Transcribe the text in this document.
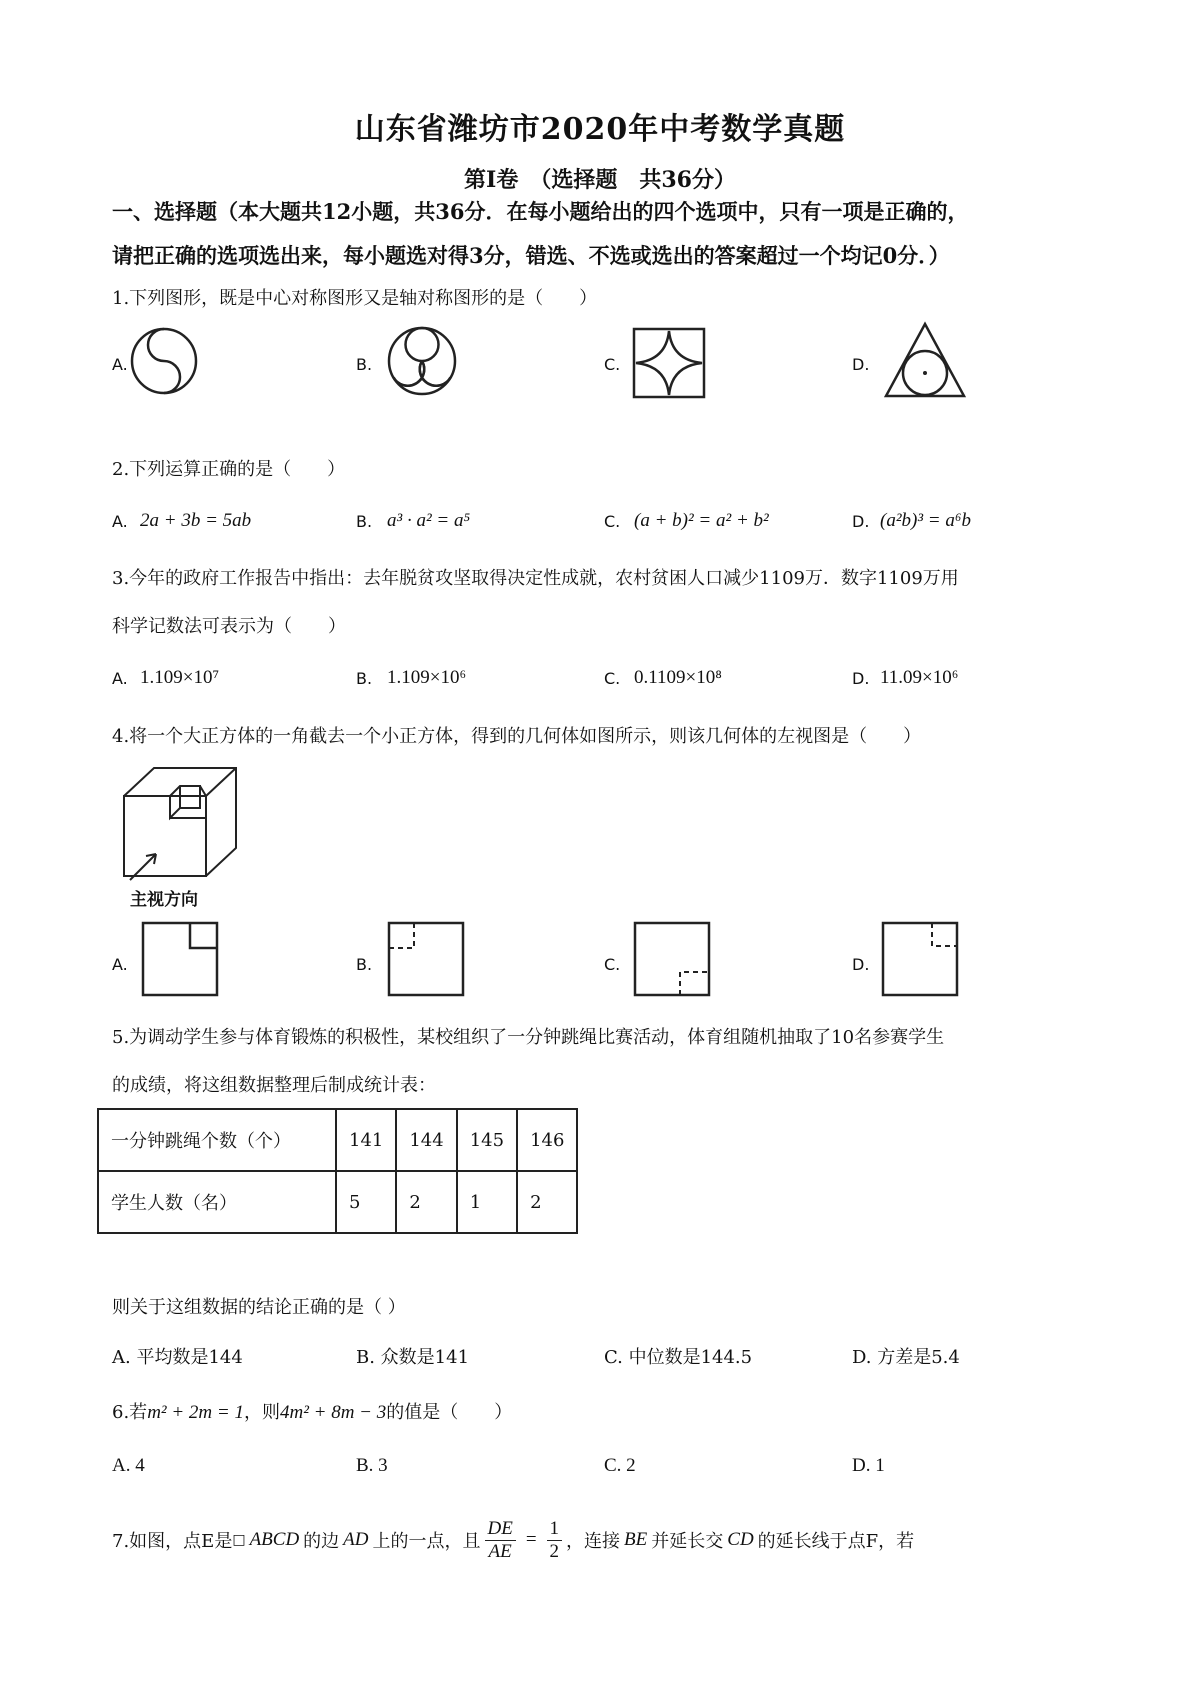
山东省潍坊市2020年中考数学真题
第Ⅰ卷　（选择题　共36分）
一、选择题（本大题共12小题，共36分．在每小题给出的四个选项中，只有一项是正确的，
请把正确的选项选出来，每小题选对得3分，错选、不选或选出的答案超过一个均记0分．）
1.下列图形，既是中心对称图形又是轴对称图形的是（　　）
A.	B.	C.	D.
2.下列运算正确的是（　　）
A. 2a + 3b = 5ab	B. a³ · a² = a⁵	C. (a + b)² = a² + b²	D. (a²b)³ = a⁶b
3.今年的政府工作报告中指出：去年脱贫攻坚取得决定性成就，农村贫困人口减少1109万．数字1109万用
科学记数法可表示为（　　）
A. 1.109×10⁷	B. 1.109×10⁶	C. 0.1109×10⁸	D. 11.09×10⁶
4.将一个大正方体的一角截去一个小正方体，得到的几何体如图所示，则该几何体的左视图是（　　）
主视方向
A.	B.	C.	D.
5.为调动学生参与体育锻炼的积极性，某校组织了一分钟跳绳比赛活动，体育组随机抽取了10名参赛学生
的成绩，将这组数据整理后制成统计表：
一分钟跳绳个数（个）	141	144	145	146
学生人数（名）	5	2	1	2
则关于这组数据的结论正确的是（ ）
A. 平均数是144	B. 众数是141	C. 中位数是144.5	D. 方差是5.4
6.若m² + 2m = 1，则4m² + 8m − 3的值是（　　）
A. 4	B. 3	C. 2	D. 1
7.如图，点E是 □ ABCD 的边 AD 上的一点，且 $\frac{DE}{AE} = \frac{1}{2}$ ，连接 BE 并延长交 CD 的延长线于点F，若
